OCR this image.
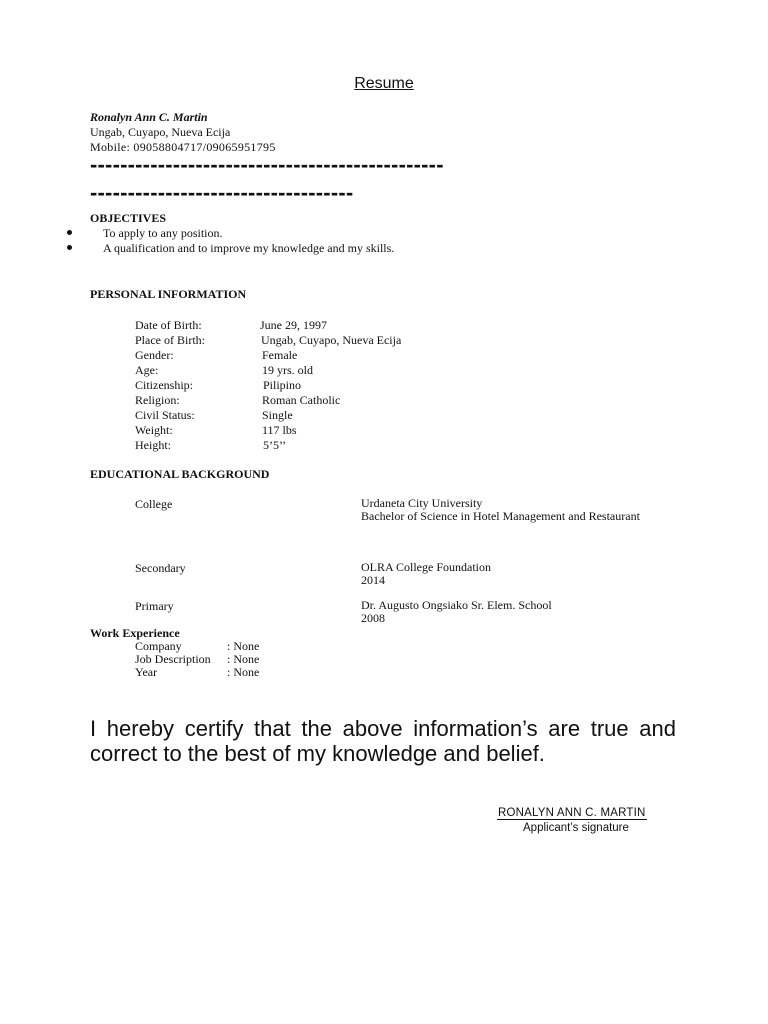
Resume
Ronalyn Ann C. Martin
Ungab, Cuyapo, Nueva Ecija
Mobile: 09058804717/09065951795
-----------------------------------------------
-----------------------------------
OBJECTIVES
To apply to any position.
A qualification and to improve my knowledge and my skills.
PERSONAL INFORMATION
Date of Birth:	June 29, 1997
Place of Birth:	Ungab, Cuyapo, Nueva Ecija
Gender:	Female
Age:	19 yrs. old
Citizenship:	Pilipino
Religion:	Roman Catholic
Civil Status:	Single
Weight:	117 lbs
Height:	5’5’’
EDUCATIONAL BACKGROUND
College	Urdaneta City University
Bachelor of Science in Hotel Management and Restaurant
Secondary	OLRA College Foundation
2014
Primary	Dr. Augusto Ongsiako Sr. Elem. School
2008
Work Experience
Company	: None
Job Description : None
Year	: None
I hereby certify that the above information’s are true and correct to the best of my knowledge and belief.
RONALYN ANN C. MARTIN
Applicant’s signature
